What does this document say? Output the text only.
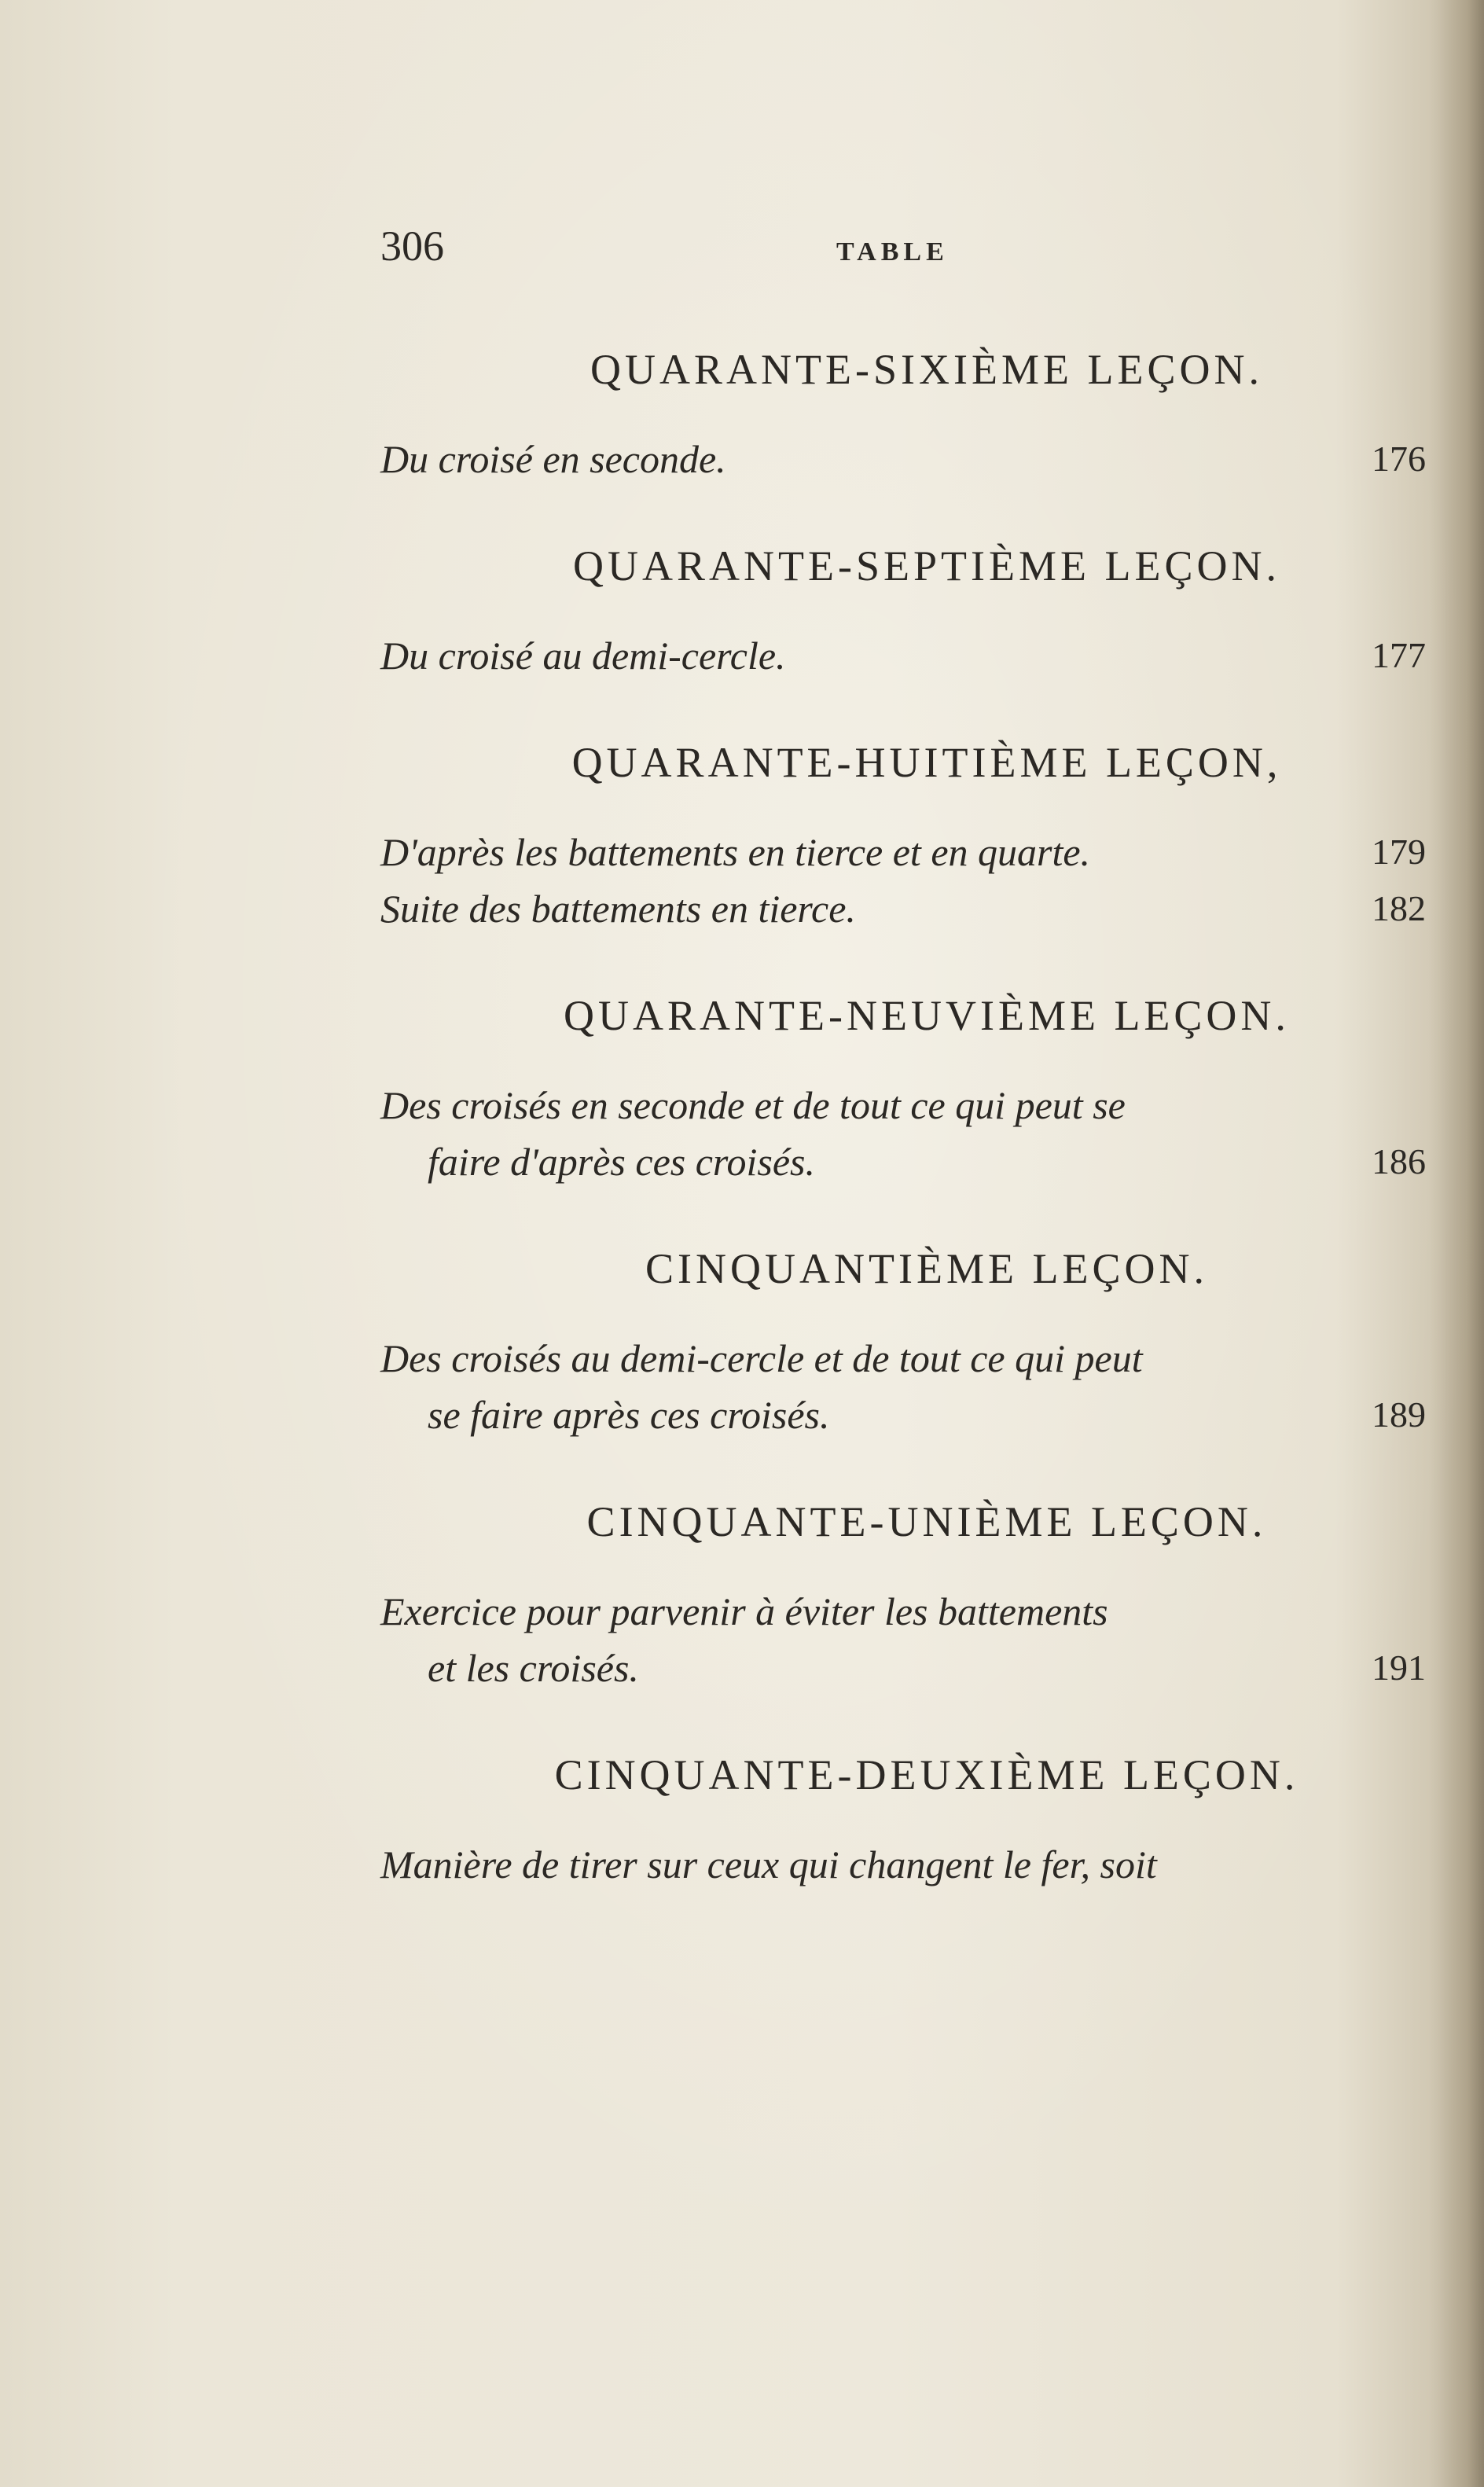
306	TABLE
QUARANTE-SIXIÈME LEÇON.
Du croisé en seconde.	176
QUARANTE-SEPTIÈME LEÇON.
Du croisé au demi-cercle.	177
QUARANTE-HUITIÈME LEÇON,
D'après les battements en tierce et en quarte.	179
Suite des battements en tierce.	182
QUARANTE-NEUVIÈME LEÇON.
Des croisés en seconde et de tout ce qui peut se
faire d'après ces croisés.	186
CINQUANTIÈME LEÇON.
Des croisés au demi-cercle et de tout ce qui peut
se faire après ces croisés.	189
CINQUANTE-UNIÈME LEÇON.
Exercice pour parvenir à éviter les battements
et les croisés.	191
CINQUANTE-DEUXIÈME LEÇON.
Manière de tirer sur ceux qui changent le fer, soit
